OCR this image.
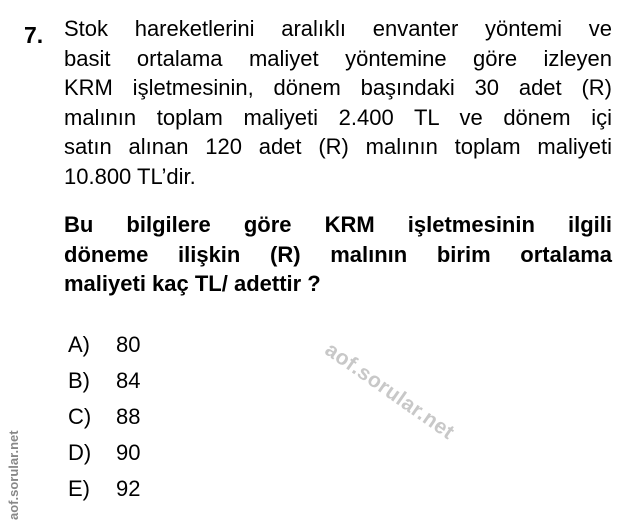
7. Stok hareketlerini aralıklı envanter yöntemi ve
basit ortalama maliyet yöntemine göre izleyen
KRM işletmesinin, dönem başındaki 30 adet (R)
malının toplam maliyeti 2.400 TL ve dönem içi
satın alınan 120 adet (R) malının toplam maliyeti
10.800 TL’dir.
Bu bilgilere göre KRM işletmesinin ilgili
döneme ilişkin (R) malının birim ortalama
maliyeti kaç TL/ adettir ?
A)	80
B)	84
C)	88
D)	90
E)	92
aof.sorular.net
aof.sorular.net
